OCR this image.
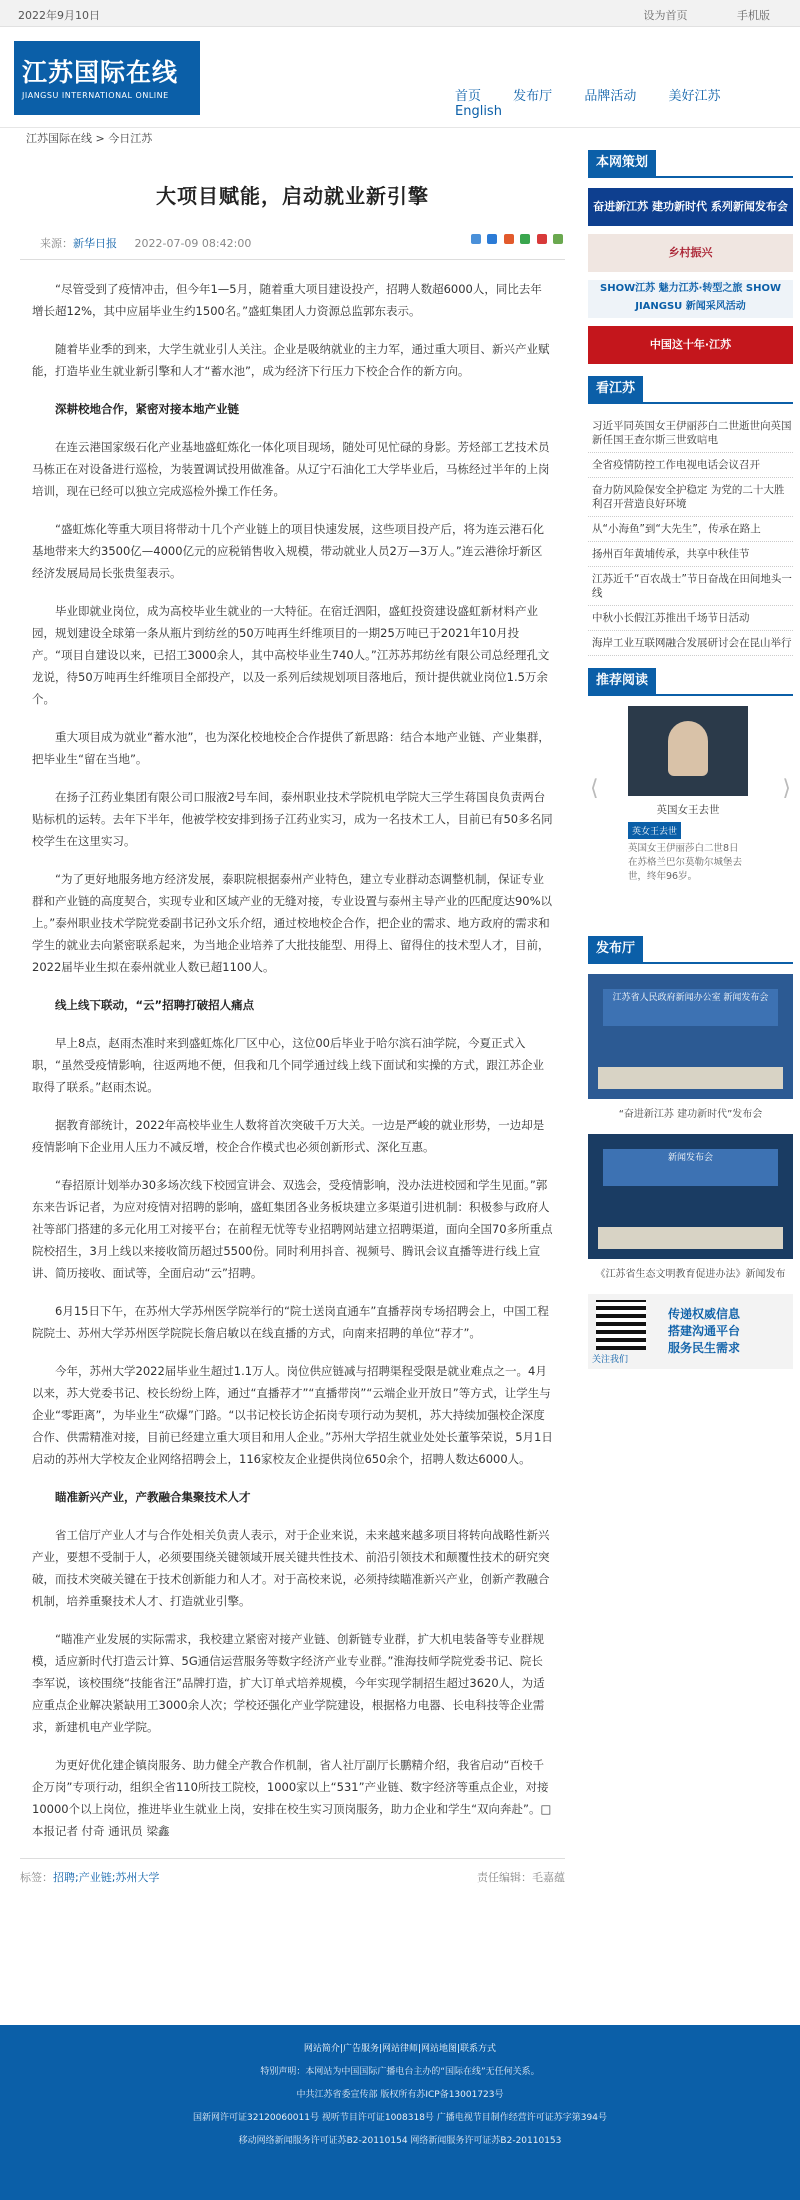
2022年9月10日	设为首页	手机版
江苏国际在线
JIANGSU INTERNATIONAL ONLINE	首页 发布厅 品牌活动 美好江苏 English
江苏国际在线 > 今日江苏
大项目赋能，启动就业新引擎
来源：新华日报 2022-07-09 08:42:00

“尽管受到了疫情冲击，但今年1—5月，随着重大项目建设投产，招聘人数超6000人，同比去年增长超12%，其中应届毕业生约1500名。”盛虹集团人力资源总监郭东表示。

随着毕业季的到来，大学生就业引人关注。企业是吸纳就业的主力军，通过重大项目、新兴产业赋能，打造毕业生就业新引擎和人才“蓄水池”，成为经济下行压力下校企合作的新方向。

深耕校地合作，紧密对接本地产业链

在连云港国家级石化产业基地盛虹炼化一体化项目现场，随处可见忙碌的身影。芳烃部工艺技术员马栋正在对设备进行巡检，为装置调试投用做准备。从辽宁石油化工大学毕业后，马栋经过半年的上岗培训，现在已经可以独立完成巡检外操工作任务。

“盛虹炼化等重大项目将带动十几个产业链上的项目快速发展，这些项目投产后，将为连云港石化基地带来大约3500亿—4000亿元的应税销售收入规模，带动就业人员2万—3万人。”连云港徐圩新区经济发展局局长张贵玺表示。

毕业即就业岗位，成为高校毕业生就业的一大特征。在宿迁泗阳，盛虹投资建设盛虹新材料产业园，规划建设全球第一条从瓶片到纺丝的50万吨再生纤维项目的一期25万吨已于2021年10月投产。“项目自建设以来，已招工3000余人，其中高校毕业生740人。”江苏苏邦纺丝有限公司总经理孔文龙说，待50万吨再生纤维项目全部投产，以及一系列后续规划项目落地后，预计提供就业岗位1.5万余个。

重大项目成为就业“蓄水池”，也为深化校地校企合作提供了新思路：结合本地产业链、产业集群，把毕业生“留在当地”。

在扬子江药业集团有限公司口服液2号车间，泰州职业技术学院机电学院大三学生蒋国良负责两台贴标机的运转。去年下半年，他被学校安排到扬子江药业实习，成为一名技术工人，目前已有50多名同校学生在这里实习。

“为了更好地服务地方经济发展，泰职院根据泰州产业特色，建立专业群动态调整机制，保证专业群和产业链的高度契合，实现专业和区域产业的无缝对接，专业设置与泰州主导产业的匹配度达90%以上。”泰州职业技术学院党委副书记孙文乐介绍，通过校地校企合作，把企业的需求、地方政府的需求和学生的就业去向紧密联系起来，为当地企业培养了大批技能型、用得上、留得住的技术型人才，目前，2022届毕业生拟在泰州就业人数已超1100人。

线上线下联动，“云”招聘打破招人痛点

早上8点，赵雨杰准时来到盛虹炼化厂区中心，这位00后毕业于哈尔滨石油学院，今夏正式入职，“虽然受疫情影响，往返两地不便，但我和几个同学通过线上线下面试和实操的方式，跟江苏企业取得了联系。”赵雨杰说。

据教育部统计，2022年高校毕业生人数将首次突破千万大关。一边是严峻的就业形势，一边却是疫情影响下企业用人压力不减反增，校企合作模式也必须创新形式、深化互惠。

“春招原计划举办30多场次线下校园宣讲会、双选会，受疫情影响，没办法进校园和学生见面。”郭东来告诉记者，为应对疫情对招聘的影响，盛虹集团各业务板块建立多渠道引进机制：积极参与政府人社等部门搭建的多元化用工对接平台；在前程无忧等专业招聘网站建立招聘渠道，面向全国70多所重点院校招生，3月上线以来接收简历超过5500份。同时利用抖音、视频号、腾讯会议直播等进行线上宣讲、简历接收、面试等，全面启动“云”招聘。

6月15日下午，在苏州大学苏州医学院举行的“院士送岗直通车”直播荐岗专场招聘会上，中国工程院院士、苏州大学苏州医学院院长詹启敏以在线直播的方式，向南来招聘的单位“荐才”。

今年，苏州大学2022届毕业生超过1.1万人。岗位供应链减与招聘渠程受限是就业难点之一。4月以来，苏大党委书记、校长纷纷上阵，通过“直播荐才”“直播带岗”“云端企业开放日”等方式，让学生与企业“零距离”，为毕业生“砍爆”门路。“以书记校长访企拓岗专项行动为契机，苏大持续加强校企深度合作、供需精准对接，目前已经建立重大项目和用人企业。”苏州大学招生就业处处长董筝荣说，5月1日启动的苏州大学校友企业网络招聘会上，116家校友企业提供岗位650余个，招聘人数达6000人。

瞄准新兴产业，产教融合集聚技术人才

省工信厅产业人才与合作处相关负责人表示，对于企业来说，未来越来越多项目将转向战略性新兴产业，要想不受制于人，必须要围绕关键领域开展关键共性技术、前沿引领技术和颠覆性技术的研究突破，而技术突破关键在于技术创新能力和人才。对于高校来说，必须持续瞄准新兴产业，创新产教融合机制，培养重聚技术人才、打造就业引擎。

“瞄准产业发展的实际需求，我校建立紧密对接产业链、创新链专业群，扩大机电装备等专业群规模，适应新时代打造云计算、5G通信运营服务等数字经济产业专业群。”淮海技师学院党委书记、院长李军说，该校围绕“技能省汪”品牌打造，扩大订单式培养规模，今年实现学制招生超过3620人，为适应重点企业解决紧缺用工3000余人次；学校还强化产业学院建设，根据格力电器、长电科技等企业需求，新建机电产业学院。

为更好优化建企镇岗服务、助力健全产教合作机制，省人社厅副厅长鹏精介绍，我省启动“百校千企万岗”专项行动，组织全省110所技工院校，1000家以上“531”产业链、数字经济等重点企业，对接10000个以上岗位，推进毕业生就业上岗，安排在校生实习顶岗服务，助力企业和学生“双向奔赴”。□本报记者 付奇 通讯员 梁鑫

标签：招聘;产业链;苏州大学	责任编辑：毛嘉蕴
本网策划
奋进新江苏 建功新时代 系列新闻发布会
乡村振兴
SHOW江苏 魅力江苏·转型之旅 SHOW JIANGSU 新闻采风活动
中国这十年·江苏
看江苏
习近平同英国女王伊丽莎白二世逝世向英国新任国王查尔斯三世致唁电
全省疫情防控工作电视电话会议召开
奋力防风险保安全护稳定 为党的二十大胜利召开营造良好环境
从“小海鱼”到“大先生”，传承在路上
扬州百年黄埔传承，共享中秋佳节
江苏近千“百农战士”节日奋战在田间地头一线
中秋小长假江苏推出千场节日活动
海岸工业互联网融合发展研讨会在昆山举行
推荐阅读
⟨
英国女王去世
英女王去世
英国女王伊丽莎白二世8日在苏格兰巴尔莫勒尔城堡去世，终年96岁。
⟩
发布厅
江苏省人民政府新闻办公室 新闻发布会
“奋进新江苏 建功新时代”发布会
新闻发布会
《江苏省生态文明教育促进办法》新闻发布
关注我们
传递权威信息
搭建沟通平台
服务民生需求
网站简介|广告服务|网站律师|网站地图|联系方式
特别声明：本网站为中国国际广播电台主办的“国际在线”无任何关系。
中共江苏省委宣传部 版权所有苏ICP备13001723号
国新网许可证32120060011号 视听节目许可证1008318号 广播电视节目制作经营许可证苏字第394号
移动网络新闻服务许可证苏B2-20110154 网络新闻服务许可证苏B2-20110153
